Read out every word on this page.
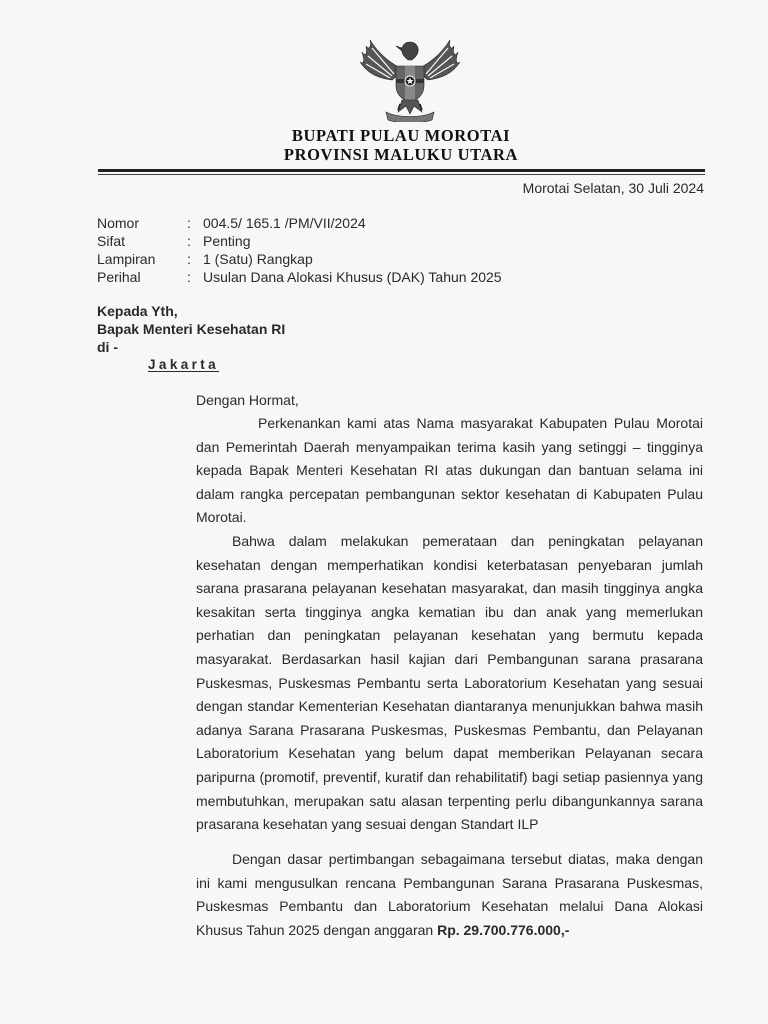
BUPATI PULAU MOROTAI
PROVINSI MALUKU UTARA
Morotai Selatan, 30 Juli 2024
Nomor	: 004.5/ 165.1 /PM/VII/2024
Sifat	: Penting
Lampiran : 1 (Satu) Rangkap
Perihal	: Usulan Dana Alokasi Khusus (DAK) Tahun 2025
Kepada Yth,
Bapak Menteri Kesehatan RI
di -
Jakarta
Dengan Hormat,

Perkenankan kami atas Nama masyarakat Kabupaten Pulau Morotai dan Pemerintah Daerah menyampaikan terima kasih yang setinggi – tingginya kepada Bapak Menteri Kesehatan RI atas dukungan dan bantuan selama ini dalam rangka percepatan pembangunan sektor kesehatan di Kabupaten Pulau Morotai.

Bahwa dalam melakukan pemerataan dan peningkatan pelayanan kesehatan dengan memperhatikan kondisi keterbatasan penyebaran jumlah sarana prasarana pelayanan kesehatan masyarakat, dan masih tingginya angka kesakitan serta tingginya angka kematian ibu dan anak yang memerlukan perhatian dan peningkatan pelayanan kesehatan yang bermutu kepada masyarakat. Berdasarkan hasil kajian dari Pembangunan sarana prasarana Puskesmas, Puskesmas Pembantu serta Laboratorium Kesehatan yang sesuai dengan standar Kementerian Kesehatan diantaranya menunjukkan bahwa masih adanya Sarana Prasarana Puskesmas, Puskesmas Pembantu, dan Pelayanan Laboratorium Kesehatan yang belum dapat memberikan Pelayanan secara paripurna (promotif, preventif, kuratif dan rehabilitatif) bagi setiap pasiennya yang membutuhkan, merupakan satu alasan terpenting perlu dibangunkannya sarana prasarana kesehatan yang sesuai dengan Standart ILP

Dengan dasar pertimbangan sebagaimana tersebut diatas, maka dengan ini kami mengusulkan rencana Pembangunan Sarana Prasarana Puskesmas, Puskesmas Pembantu dan Laboratorium Kesehatan melalui Dana Alokasi Khusus Tahun 2025 dengan anggaran Rp. 29.700.776.000,-
